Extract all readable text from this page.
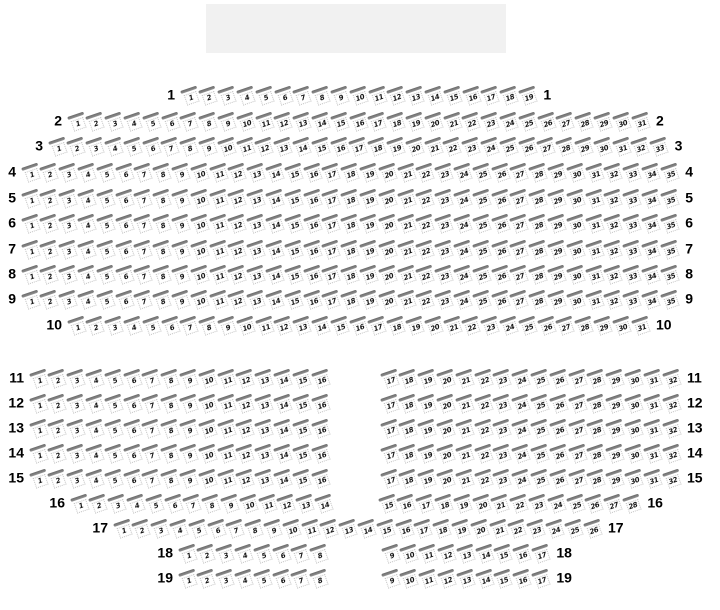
1	2	3	4	5	6	7	8	9	10	11	12	13	14	15	16	17	18	19
1	1
1	2	3	4	5	6	7	8	9	10	11	12	13	14	15	16	17	18	19	20	21	22	23	24	25	26	27	28	29	30	31
2	2
1	2	3	4	5	6	7	8	9	10	11	12	13	14	15	16	17	18	19	20	21	22	23	24	25	26	27	28	29	30	31	32	33
3	3
1	2	3	4	5	6	7	8	9	10	11	12	13	14	15	16	17	18	19	20	21	22	23	24	25	26	27	28	29	30	31	32	33	34	35
4	4
1	2	3	4	5	6	7	8	9	10	11	12	13	14	15	16	17	18	19	20	21	22	23	24	25	26	27	28	29	30	31	32	33	34	35
5	5
1	2	3	4	5	6	7	8	9	10	11	12	13	14	15	16	17	18	19	20	21	22	23	24	25	26	27	28	29	30	31	32	33	34	35
6	6
1	2	3	4	5	6	7	8	9	10	11	12	13	14	15	16	17	18	19	20	21	22	23	24	25	26	27	28	29	30	31	32	33	34	35
7	7
1	2	3	4	5	6	7	8	9	10	11	12	13	14	15	16	17	18	19	20	21	22	23	24	25	26	27	28	29	30	31	32	33	34	35
8	8
1	2	3	4	5	6	7	8	9	10	11	12	13	14	15	16	17	18	19	20	21	22	23	24	25	26	27	28	29	30	31	32	33	34	35
9	9
1	2	3	4	5	6	7	8	9	10	11	12	13	14	15	16	17	18	19	20	21	22	23	24	25	26	27	28	29	30	31
10	10
1	2	3	4	5	6	7	8	9	10	11	12	13	14	15	16	17	18	19	20	21	22	23	24	25	26	27	28	29	30	31	32
11	11
1	2	3	4	5	6	7	8	9	10	11	12	13	14	15	16	17	18	19	20	21	22	23	24	25	26	27	28	29	30	31	32
12	12
1	2	3	4	5	6	7	8	9	10	11	12	13	14	15	16	17	18	19	20	21	22	23	24	25	26	27	28	29	30	31	32
13	13
1	2	3	4	5	6	7	8	9	10	11	12	13	14	15	16	17	18	19	20	21	22	23	24	25	26	27	28	29	30	31	32
14	14
1	2	3	4	5	6	7	8	9	10	11	12	13	14	15	16	17	18	19	20	21	22	23	24	25	26	27	28	29	30	31	32
15	15
1	2	3	4	5	6	7	8	9	10	11	12	13	14	15	16	17	18	19	20	21	22	23	24	25	26	27	28
16	16
1	2	3	4	5	6	7	8	9	10	11	12	13	14	15	16	17	18	19	20	21	22	23	24	25	26
17	17
1	2	3	4	5	6	7	8	9	10	11	12	13	14	15	16	17
18	18
1	2	3	4	5	6	7	8	9	10	11	12	13	14	15	16	17
19	19
